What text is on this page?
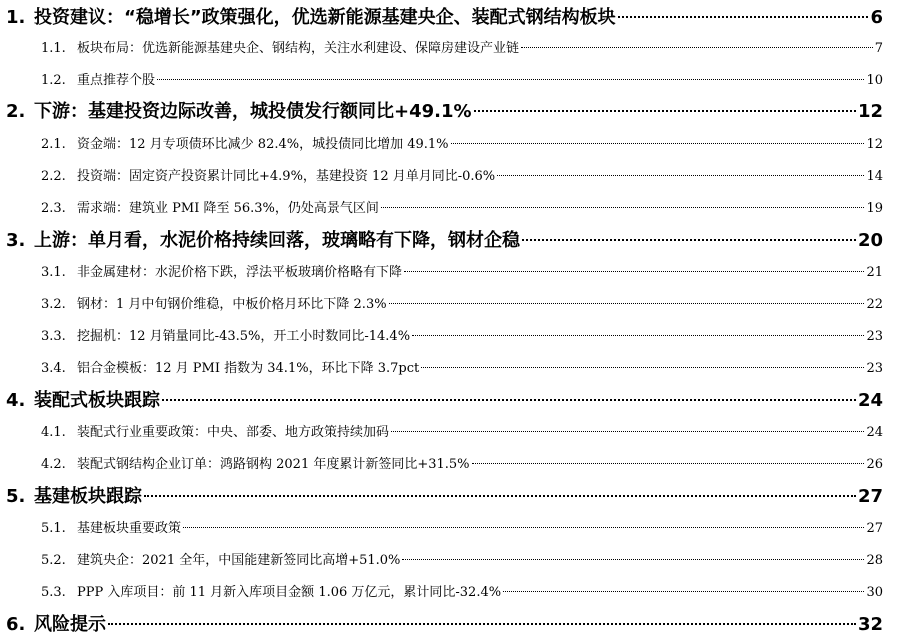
1. 投资建议：“稳增长”政策强化，优选新能源基建央企、装配式钢结构板块	6
1.1. 板块布局：优选新能源基建央企、钢结构，关注水利建设、保障房建设产业链	7
1.2. 重点推荐个股	10
2. 下游：基建投资边际改善，城投债发行额同比+49.1%	12
2.1. 资金端：12 月专项债环比减少 82.4%，城投债同比增加 49.1%	12
2.2. 投资端：固定资产投资累计同比+4.9%，基建投资 12 月单月同比-0.6%	14
2.3. 需求端：建筑业 PMI 降至 56.3%，仍处高景气区间	19
3. 上游：单月看，水泥价格持续回落，玻璃略有下降，钢材企稳	20
3.1. 非金属建材：水泥价格下跌，浮法平板玻璃价格略有下降	21
3.2. 钢材：1 月中旬钢价维稳，中板价格月环比下降 2.3%	22
3.3. 挖掘机：12 月销量同比-43.5%，开工小时数同比-14.4%	23
3.4. 铝合金模板：12 月 PMI 指数为 34.1%，环比下降 3.7pct	23
4. 装配式板块跟踪	24
4.1. 装配式行业重要政策：中央、部委、地方政策持续加码	24
4.2. 装配式钢结构企业订单：鸿路钢构 2021 年度累计新签同比+31.5%	26
5. 基建板块跟踪	27
5.1. 基建板块重要政策	27
5.2. 建筑央企：2021 全年，中国能建新签同比高增+51.0%	28
5.3. PPP 入库项目：前 11 月新入库项目金额 1.06 万亿元，累计同比-32.4%	30
6. 风险提示	32
